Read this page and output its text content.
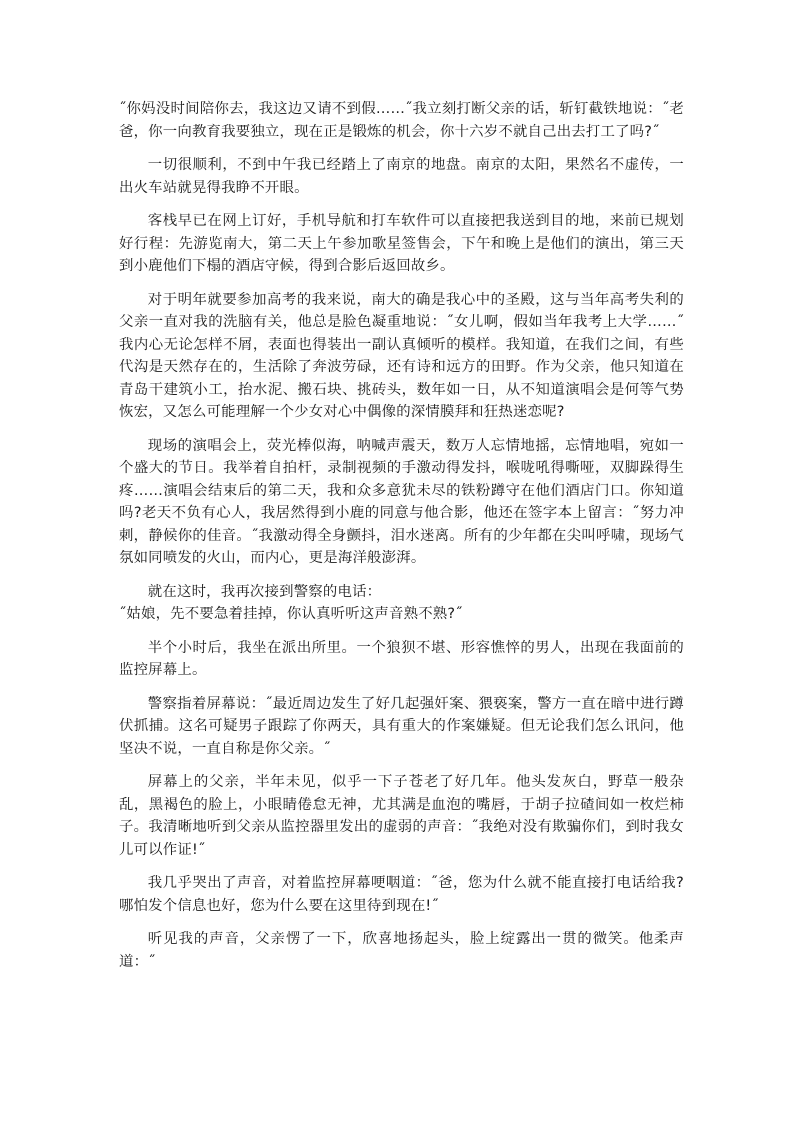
˝你妈没时间陪你去，我这边又请不到假……˝我立刻打断父亲的话，斩钉截铁地说：˝老爸，你一向教育我要独立，现在正是锻炼的机会，你十六岁不就自己出去打工了吗?˝

一切很顺利，不到中午我已经踏上了南京的地盘。南京的太阳，果然名不虚传，一出火车站就晃得我睁不开眼。

客栈早已在网上订好，手机导航和打车软件可以直接把我送到目的地，来前已规划好行程：先游览南大，第二天上午参加歌星签售会，下午和晚上是他们的演出，第三天到小鹿他们下榻的酒店守候，得到合影后返回故乡。

对于明年就要参加高考的我来说，南大的确是我心中的圣殿，这与当年高考失利的父亲一直对我的洗脑有关，他总是脸色凝重地说：˝女儿啊，假如当年我考上大学……˝我内心无论怎样不屑，表面也得装出一副认真倾听的模样。我知道，在我们之间，有些代沟是天然存在的，生活除了奔波劳碌，还有诗和远方的田野。作为父亲，他只知道在青岛干建筑小工，抬水泥、搬石块、挑砖头，数年如一日，从不知道演唱会是何等气势恢宏，又怎么可能理解一个少女对心中偶像的深情膜拜和狂热迷恋呢?

现场的演唱会上，荧光棒似海，呐喊声震天，数万人忘情地摇，忘情地唱，宛如一个盛大的节日。我举着自拍杆，录制视频的手激动得发抖，喉咙吼得嘶哑，双脚跺得生疼……演唱会结束后的第二天，我和众多意犹未尽的铁粉蹲守在他们酒店门口。你知道吗?老天不负有心人，我居然得到小鹿的同意与他合影，他还在签字本上留言：˝努力冲刺，静候你的佳音。˝我激动得全身颤抖，泪水迷离。所有的少年都在尖叫呼啸，现场气氛如同喷发的火山，而内心，更是海洋般澎湃。

就在这时，我再次接到警察的电话：

˝姑娘，先不要急着挂掉，你认真听听这声音熟不熟?˝

半个小时后，我坐在派出所里。一个狼狈不堪、形容憔悴的男人，出现在我面前的监控屏幕上。

警察指着屏幕说：˝最近周边发生了好几起强奸案、猥亵案，警方一直在暗中进行蹲伏抓捕。这名可疑男子跟踪了你两天，具有重大的作案嫌疑。但无论我们怎么讯问，他坚决不说，一直自称是你父亲。˝

屏幕上的父亲，半年未见，似乎一下子苍老了好几年。他头发灰白，野草一般杂乱，黑褐色的脸上，小眼睛倦怠无神，尤其满是血泡的嘴唇，于胡子拉碴间如一枚烂柿子。我清晰地听到父亲从监控器里发出的虚弱的声音：˝我绝对没有欺骗你们，到时我女儿可以作证!˝

我几乎哭出了声音，对着监控屏幕哽咽道：˝爸，您为什么就不能直接打电话给我?哪怕发个信息也好，您为什么要在这里待到现在!˝

听见我的声音，父亲愣了一下，欣喜地扬起头，脸上绽露出一贯的微笑。他柔声道：˝
